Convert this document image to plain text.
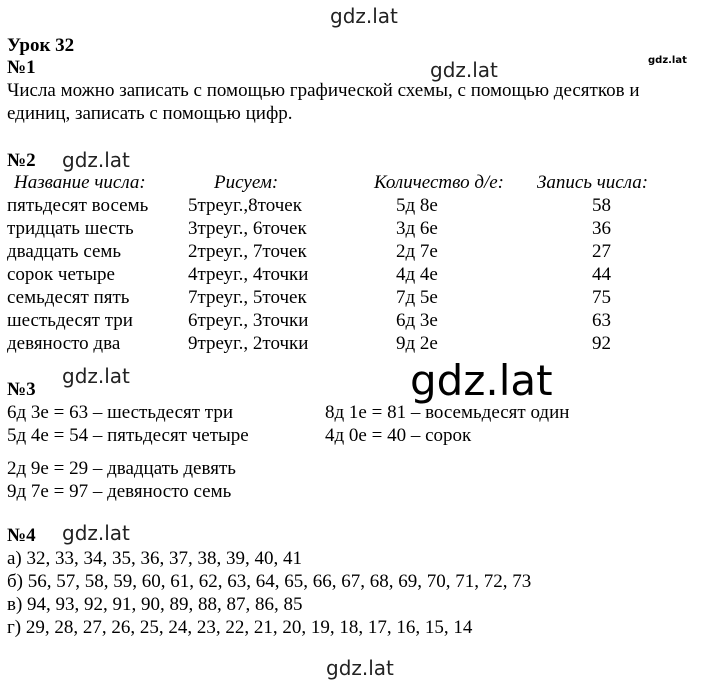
gdz.lat
gdz.lat	gdz.lat
gdz.lat
gdz.lat
gdz.lat
gdz.lat
gdz.lat
Урок 32
№1
Числа можно записать с помощью графической схемы, с помощью десятков и
единиц, записать с помощью цифр.
№2
Название числа:	Рисуем:	Количество д/е: Запись числа:
пятьдесят восемь 5треуг.,8точек	5д 8е	58
тридцать шесть	3треуг., 6точек	3д 6е	36
двадцать семь	2треуг., 7точек	2д 7е	27
сорок четыре	4треуг., 4точки	4д 4е	44
семьдесят пять	7треуг., 5точек	7д 5е	75
шестьдесят три	6треуг., 3точки	6д 3е	63
девяносто два	9треуг., 2точки	9д 2е	92
№3
6д 3е = 63 – шестьдесят три
5д 4е = 54 – пятьдесят четыре
2д 9е = 29 – двадцать девять
9д 7е = 97 – девяносто семь
8д 1е = 81 – восемьдесят один
4д 0е = 40 – сорок
№4
а) 32, 33, 34, 35, 36, 37, 38, 39, 40, 41
б) 56, 57, 58, 59, 60, 61, 62, 63, 64, 65, 66, 67, 68, 69, 70, 71, 72, 73
в) 94, 93, 92, 91, 90, 89, 88, 87, 86, 85
г) 29, 28, 27, 26, 25, 24, 23, 22, 21, 20, 19, 18, 17, 16, 15, 14
